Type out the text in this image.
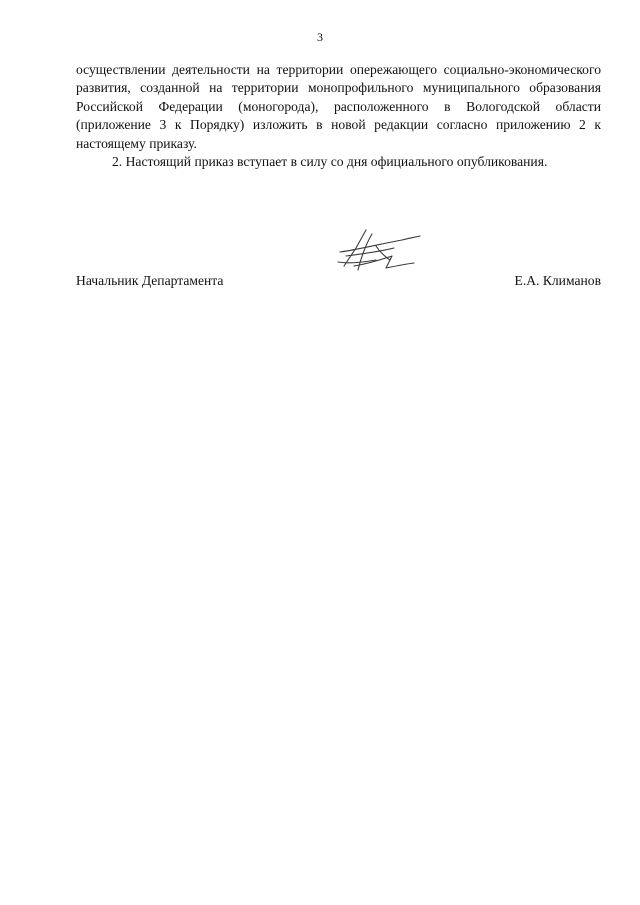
3

осуществлении деятельности на территории опережающего социально-экономического развития, созданной на территории монопрофильного муниципального образования Российской Федерации (моногорода), расположенного в Вологодской области (приложение 3 к Порядку) изложить в новой редакции согласно приложению 2 к настоящему приказу.

2. Настоящий приказ вступает в силу со дня официального опубликования.

Начальник Департамента	Е.А. Климанов
